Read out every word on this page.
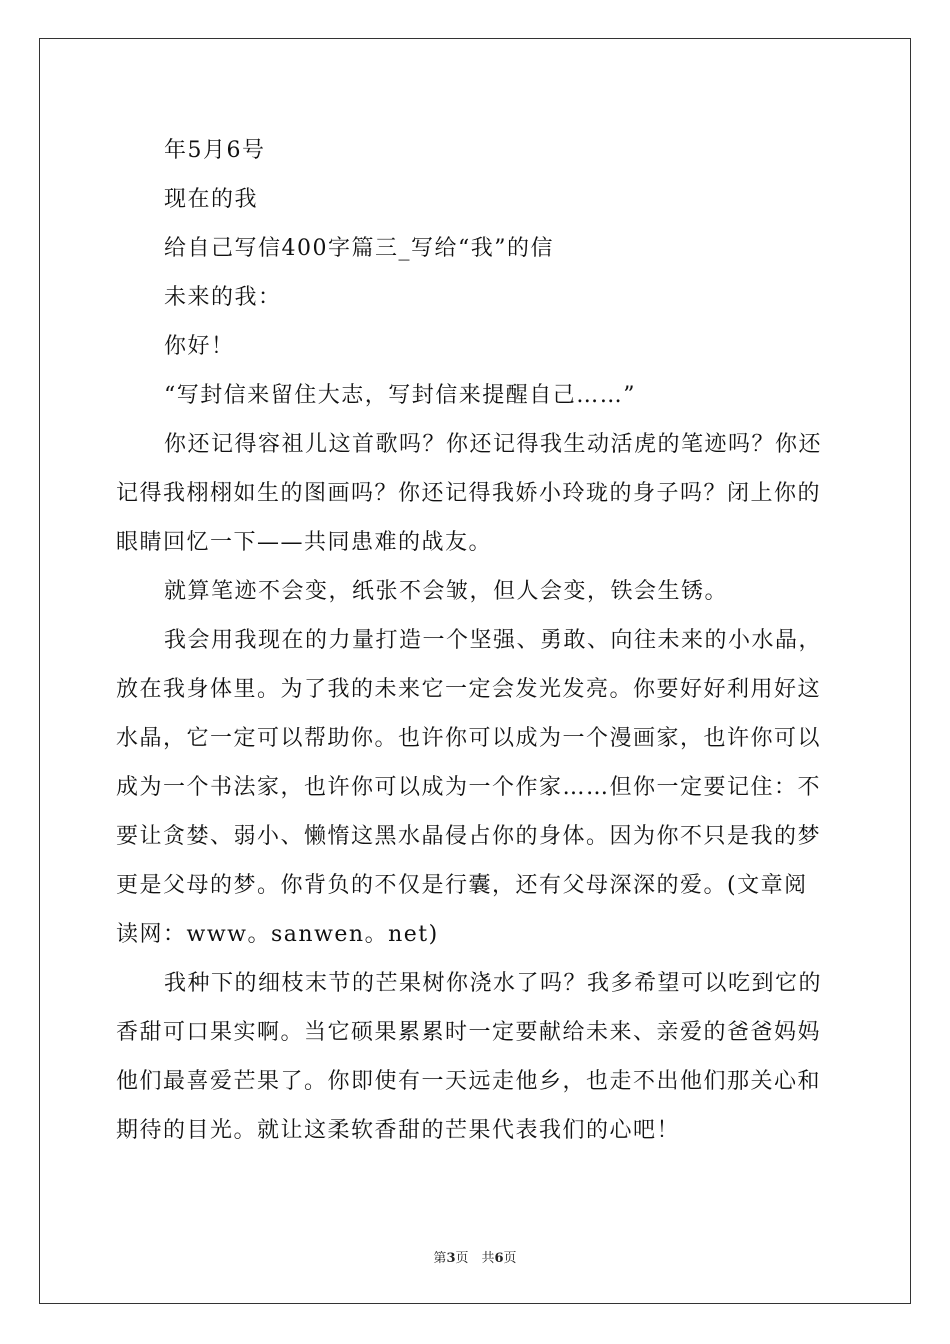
年5月6号

现在的我

给自己写信400字篇三_写给“我”的信

未来的我：

你好！

“写封信来留住大志，写封信来提醒自己……”

你还记得容祖儿这首歌吗？你还记得我生动活虎的笔迹吗？你还

记得我栩栩如生的图画吗？你还记得我娇小玲珑的身子吗？闭上你的

眼睛回忆一下——共同患难的战友。

就算笔迹不会变，纸张不会皱，但人会变，铁会生锈。

我会用我现在的力量打造一个坚强、勇敢、向往未来的小水晶，

放在我身体里。为了我的未来它一定会发光发亮。你要好好利用好这

水晶，它一定可以帮助你。也许你可以成为一个漫画家，也许你可以

成为一个书法家，也许你可以成为一个作家……但你一定要记住：不

要让贪婪、弱小、懒惰这黑水晶侵占你的身体。因为你不只是我的梦

更是父母的梦。你背负的不仅是行囊，还有父母深深的爱。(文章阅

读网：www。sanwen。net)

我种下的细枝末节的芒果树你浇水了吗？我多希望可以吃到它的

香甜可口果实啊。当它硕果累累时一定要献给未来、亲爱的爸爸妈妈

他们最喜爱芒果了。你即使有一天远走他乡，也走不出他们那关心和

期待的目光。就让这柔软香甜的芒果代表我们的心吧！

第3页　共6页
